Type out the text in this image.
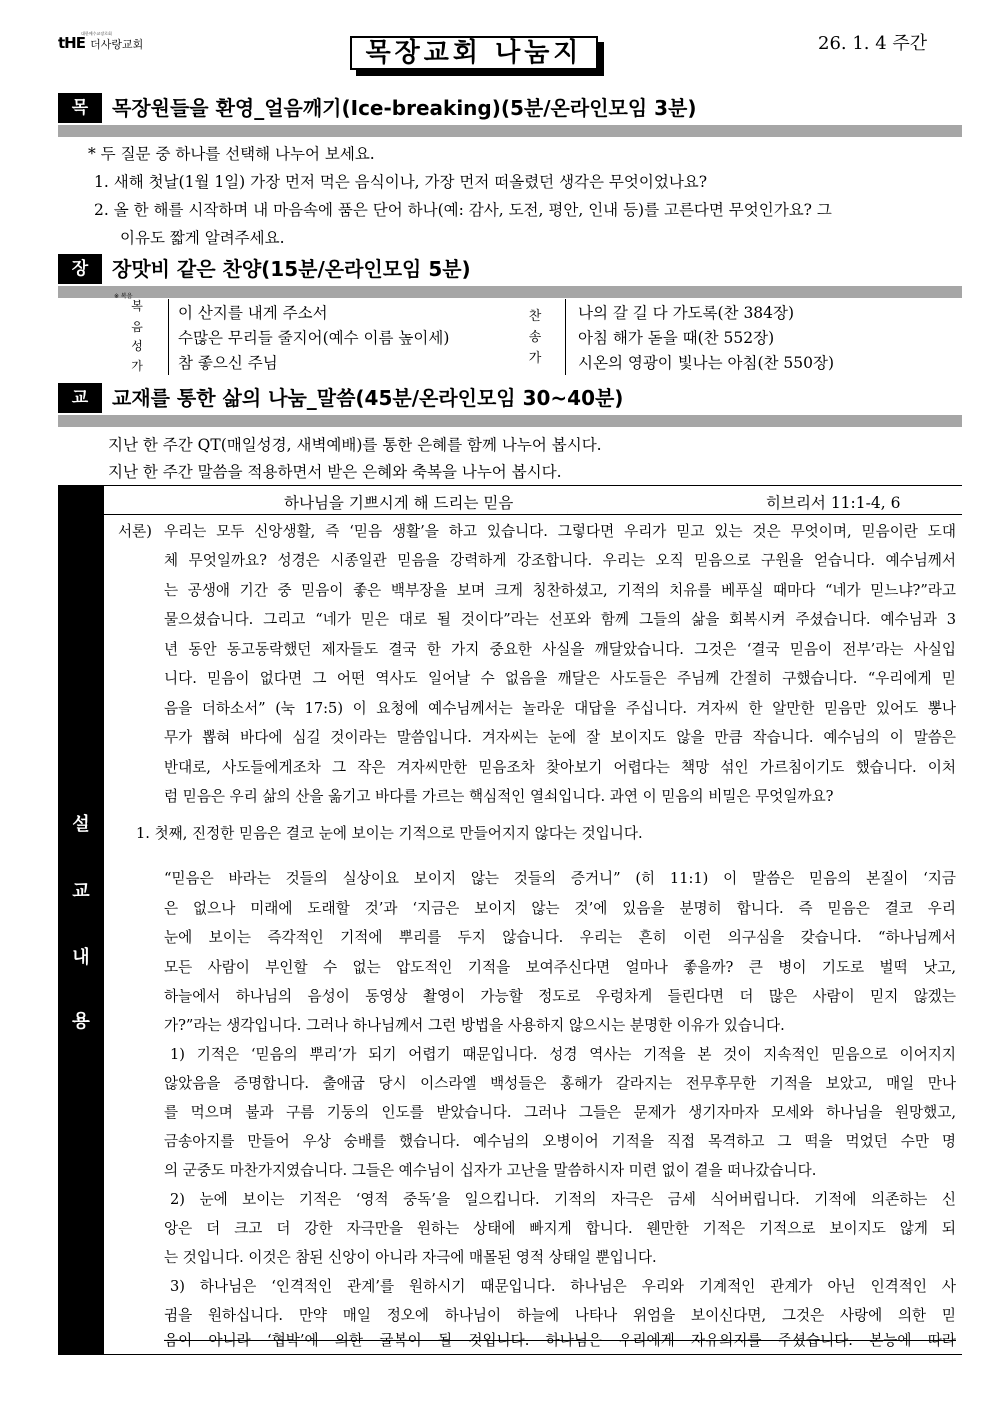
대한예수교장로회
tHE 더사랑교회	목장교회 나눔지	26. 1. 4 주간
목	목장원들을 환영_얼음깨기(Ice-breaking)(5분/온라인모임 3분)
* 두 질문 중 하나를 선택해 나누어 보세요.
1. 새해 첫날(1월 1일) 가장 먼저 먹은 음식이나, 가장 먼저 떠올렸던 생각은 무엇이었나요?
2. 올 한 해를 시작하며 내 마음속에 품은 단어 하나(예: 감사, 도전, 평안, 인내 등)를 고른다면 무엇인가요? 그
이유도 짧게 알려주세요.
장	장맛비 같은 찬양(15분/온라인모임 5분)
※ 복음
복
음
성
가
이 산지를 내게 주소서
수많은 무리들 줄지어(예수 이름 높이세)
참 좋으신 주님
찬
송
가
나의 갈 길 다 가도록(찬 384장)
아침 해가 돋을 때(찬 552장)
시온의 영광이 빛나는 아침(찬 550장)
교	교재를 통한 삶의 나눔_말씀(45분/온라인모임 30~40분)
지난 한 주간 QT(매일성경, 새벽예배)를 통한 은혜를 함께 나누어 봅시다.
지난 한 주간 말씀을 적용하면서 받은 은혜와 축복을 나누어 봅시다.
설
교
내
용
하나님을 기쁘시게 해 드리는 믿음	히브리서 11:1-4, 6
서론) 우리는 모두 신앙생활, 즉 ‘믿음 생활’을 하고 있습니다. 그렇다면 우리가 믿고 있는 것은 무엇이며, 믿음이란 도대
체 무엇일까요? 성경은 시종일관 믿음을 강력하게 강조합니다. 우리는 오직 믿음으로 구원을 얻습니다. 예수님께서
는 공생애 기간 중 믿음이 좋은 백부장을 보며 크게 칭찬하셨고, 기적의 치유를 베푸실 때마다 “네가 믿느냐?”라고
물으셨습니다. 그리고 “네가 믿은 대로 될 것이다”라는 선포와 함께 그들의 삶을 회복시켜 주셨습니다. 예수님과 3
년 동안 동고동락했던 제자들도 결국 한 가지 중요한 사실을 깨달았습니다. 그것은 ‘결국 믿음이 전부’라는 사실입
니다. 믿음이 없다면 그 어떤 역사도 일어날 수 없음을 깨달은 사도들은 주님께 간절히 구했습니다. “우리에게 믿
음을 더하소서” (눅 17:5) 이 요청에 예수님께서는 놀라운 대답을 주십니다. 겨자씨 한 알만한 믿음만 있어도 뽕나
무가 뽑혀 바다에 심길 것이라는 말씀입니다. 겨자씨는 눈에 잘 보이지도 않을 만큼 작습니다. 예수님의 이 말씀은
반대로, 사도들에게조차 그 작은 겨자씨만한 믿음조차 찾아보기 어렵다는 책망 섞인 가르침이기도 했습니다. 이처
럼 믿음은 우리 삶의 산을 옮기고 바다를 가르는 핵심적인 열쇠입니다. 과연 이 믿음의 비밀은 무엇일까요?
1. 첫째, 진정한 믿음은 결코 눈에 보이는 기적으로 만들어지지 않다는 것입니다.
“믿음은 바라는 것들의 실상이요 보이지 않는 것들의 증거니” (히 11:1) 이 말씀은 믿음의 본질이 ‘지금
은 없으나 미래에 도래할 것’과 ‘지금은 보이지 않는 것’에 있음을 분명히 합니다. 즉 믿음은 결코 우리
눈에 보이는 즉각적인 기적에 뿌리를 두지 않습니다. 우리는 흔히 이런 의구심을 갖습니다. “하나님께서
모든 사람이 부인할 수 없는 압도적인 기적을 보여주신다면 얼마나 좋을까? 큰 병이 기도로 벌떡 낫고,
하늘에서 하나님의 음성이 동영상 촬영이 가능할 정도로 우렁차게 들린다면 더 많은 사람이 믿지 않겠는
가?”라는 생각입니다. 그러나 하나님께서 그런 방법을 사용하지 않으시는 분명한 이유가 있습니다.
1) 기적은 ‘믿음의 뿌리’가 되기 어렵기 때문입니다. 성경 역사는 기적을 본 것이 지속적인 믿음으로 이어지지
않았음을 증명합니다. 출애굽 당시 이스라엘 백성들은 홍해가 갈라지는 전무후무한 기적을 보았고, 매일 만나
를 먹으며 불과 구름 기둥의 인도를 받았습니다. 그러나 그들은 문제가 생기자마자 모세와 하나님을 원망했고,
금송아지를 만들어 우상 숭배를 했습니다. 예수님의 오병이어 기적을 직접 목격하고 그 떡을 먹었던 수만 명
의 군중도 마찬가지였습니다. 그들은 예수님이 십자가 고난을 말씀하시자 미련 없이 곁을 떠나갔습니다.
2) 눈에 보이는 기적은 ‘영적 중독’을 일으킵니다. 기적의 자극은 금세 식어버립니다. 기적에 의존하는 신
앙은 더 크고 더 강한 자극만을 원하는 상태에 빠지게 합니다. 웬만한 기적은 기적으로 보이지도 않게 되
는 것입니다. 이것은 참된 신앙이 아니라 자극에 매몰된 영적 상태일 뿐입니다.
3) 하나님은 ‘인격적인 관계’를 원하시기 때문입니다. 하나님은 우리와 기계적인 관계가 아닌 인격적인 사
귐을 원하십니다. 만약 매일 정오에 하나님이 하늘에 나타나 위엄을 보이신다면, 그것은 사랑에 의한 믿
음이 아니라 ‘협박’에 의한 굴복이 될 것입니다. 하나님은 우리에게 자유의지를 주셨습니다. 본능에 따라
